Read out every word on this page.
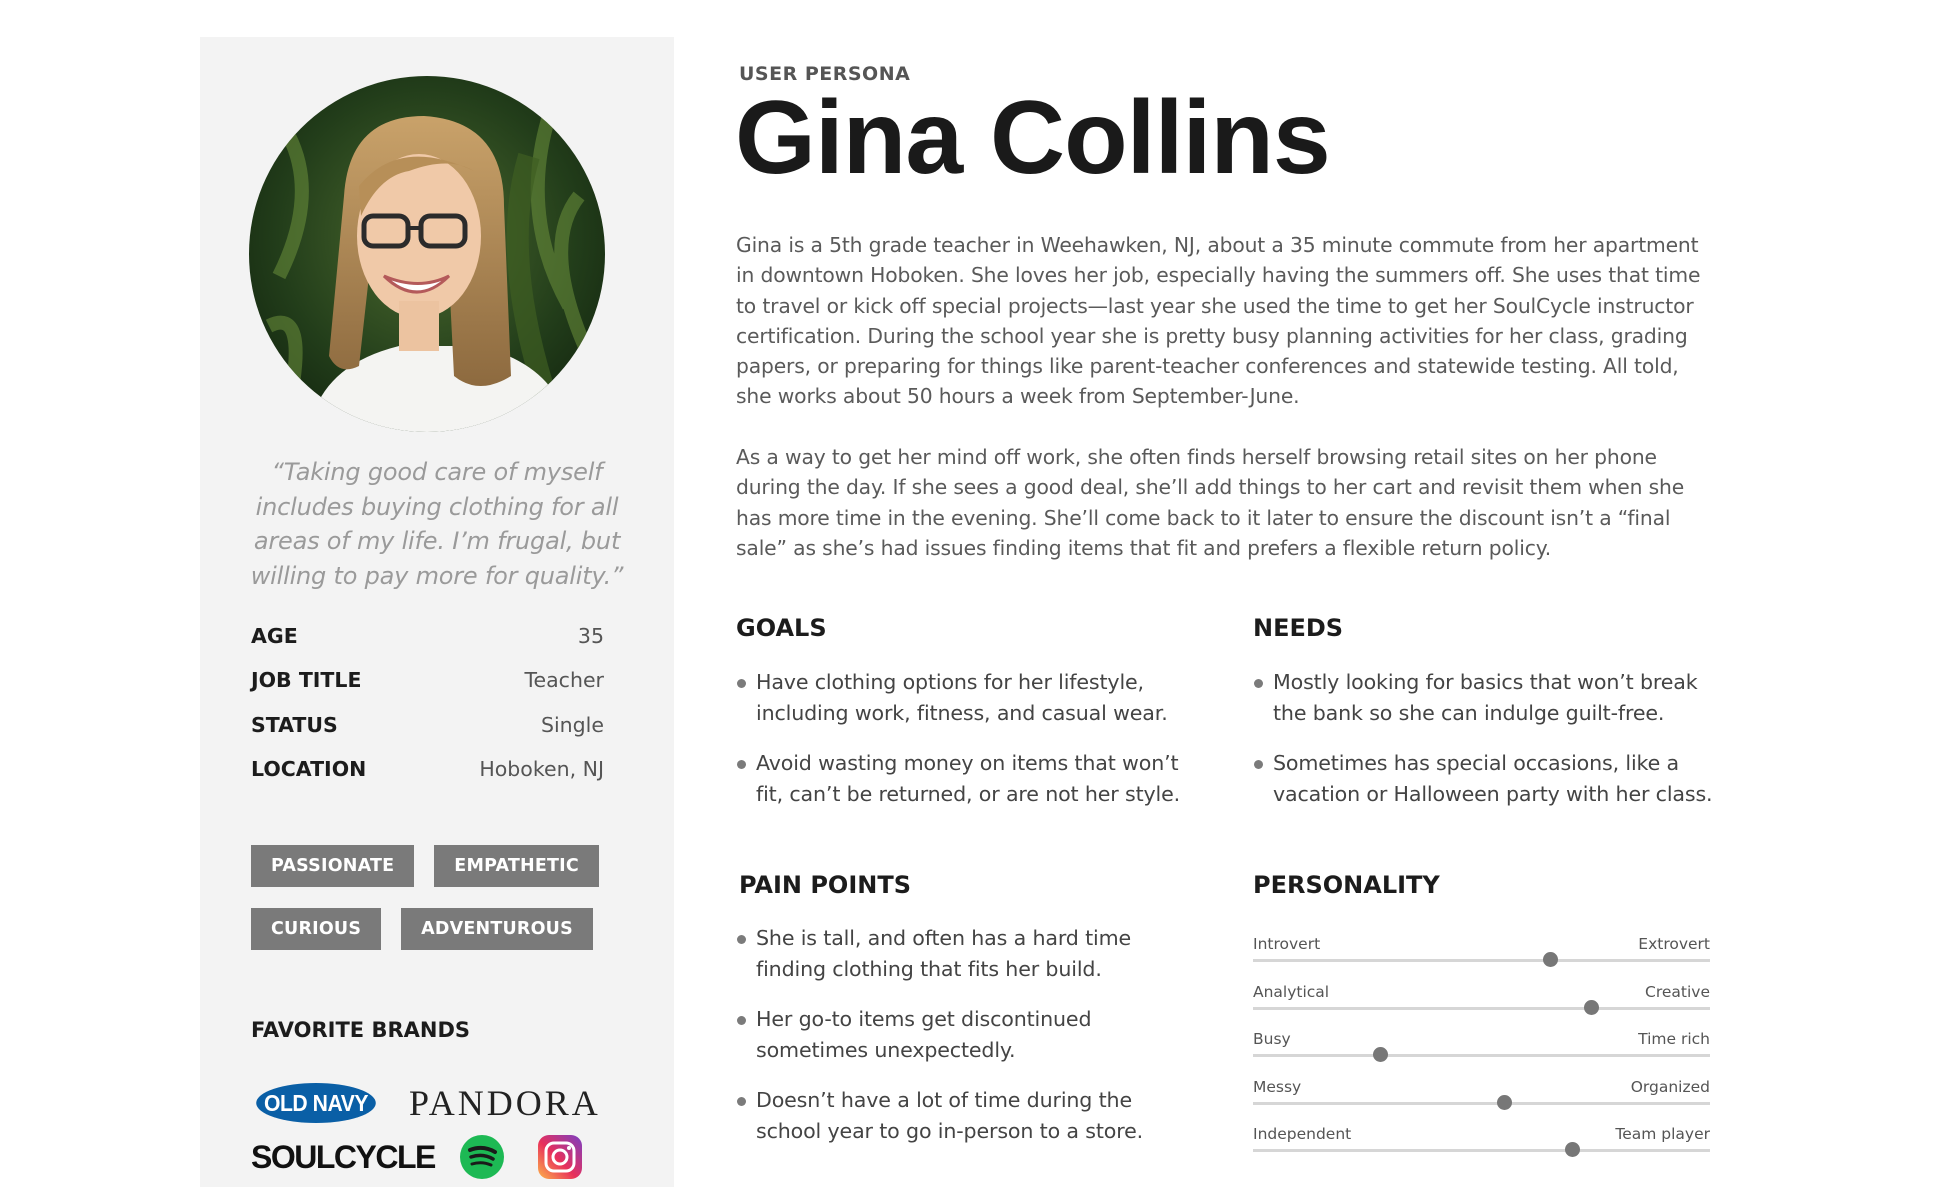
“Taking good care of myself includes buying clothing for all areas of my life. I’m frugal, but willing to pay more for quality.”

AGE	35
JOB TITLE	Teacher
STATUS	Single
LOCATION	Hoboken, NJ
PASSIONATE	EMPATHETIC
CURIOUS	ADVENTUROUS
FAVORITE BRANDS
OLD NAVY PANDORA
SOULCYCLE
USER PERSONA
Gina Collins

Gina is a 5th grade teacher in Weehawken, NJ, about a 35 minute commute from her apartment in downtown Hoboken. She loves her job, especially having the summers off. She uses that time to travel or kick off special projects—last year she used the time to get her SoulCycle instructor certification. During the school year she is pretty busy planning activities for her class, grading papers, or preparing for things like parent-teacher conferences and statewide testing. All told, she works about 50 hours a week from September-June.

As a way to get her mind off work, she often finds herself browsing retail sites on her phone during the day. If she sees a good deal, she’ll add things to her cart and revisit them when she has more time in the evening. She’ll come back to it later to ensure the discount isn’t a “final sale” as she’s had issues finding items that fit and prefers a flexible return policy.

GOALS
Have clothing options for her lifestyle, including work, fitness, and casual wear.
Avoid wasting money on items that won’t fit, can’t be returned, or are not her style.
NEEDS
Mostly looking for basics that won’t break the bank so she can indulge guilt-free.
Sometimes has special occasions, like a vacation or Halloween party with her class.
PAIN POINTS
She is tall, and often has a hard time finding clothing that fits her build.
Her go-to items get discontinued sometimes unexpectedly.
Doesn’t have a lot of time during the school year to go in-person to a store.
PERSONALITY
Introvert	Extrovert
Analytical	Creative
Busy	Time rich
Messy	Organized
Independent	Team player
